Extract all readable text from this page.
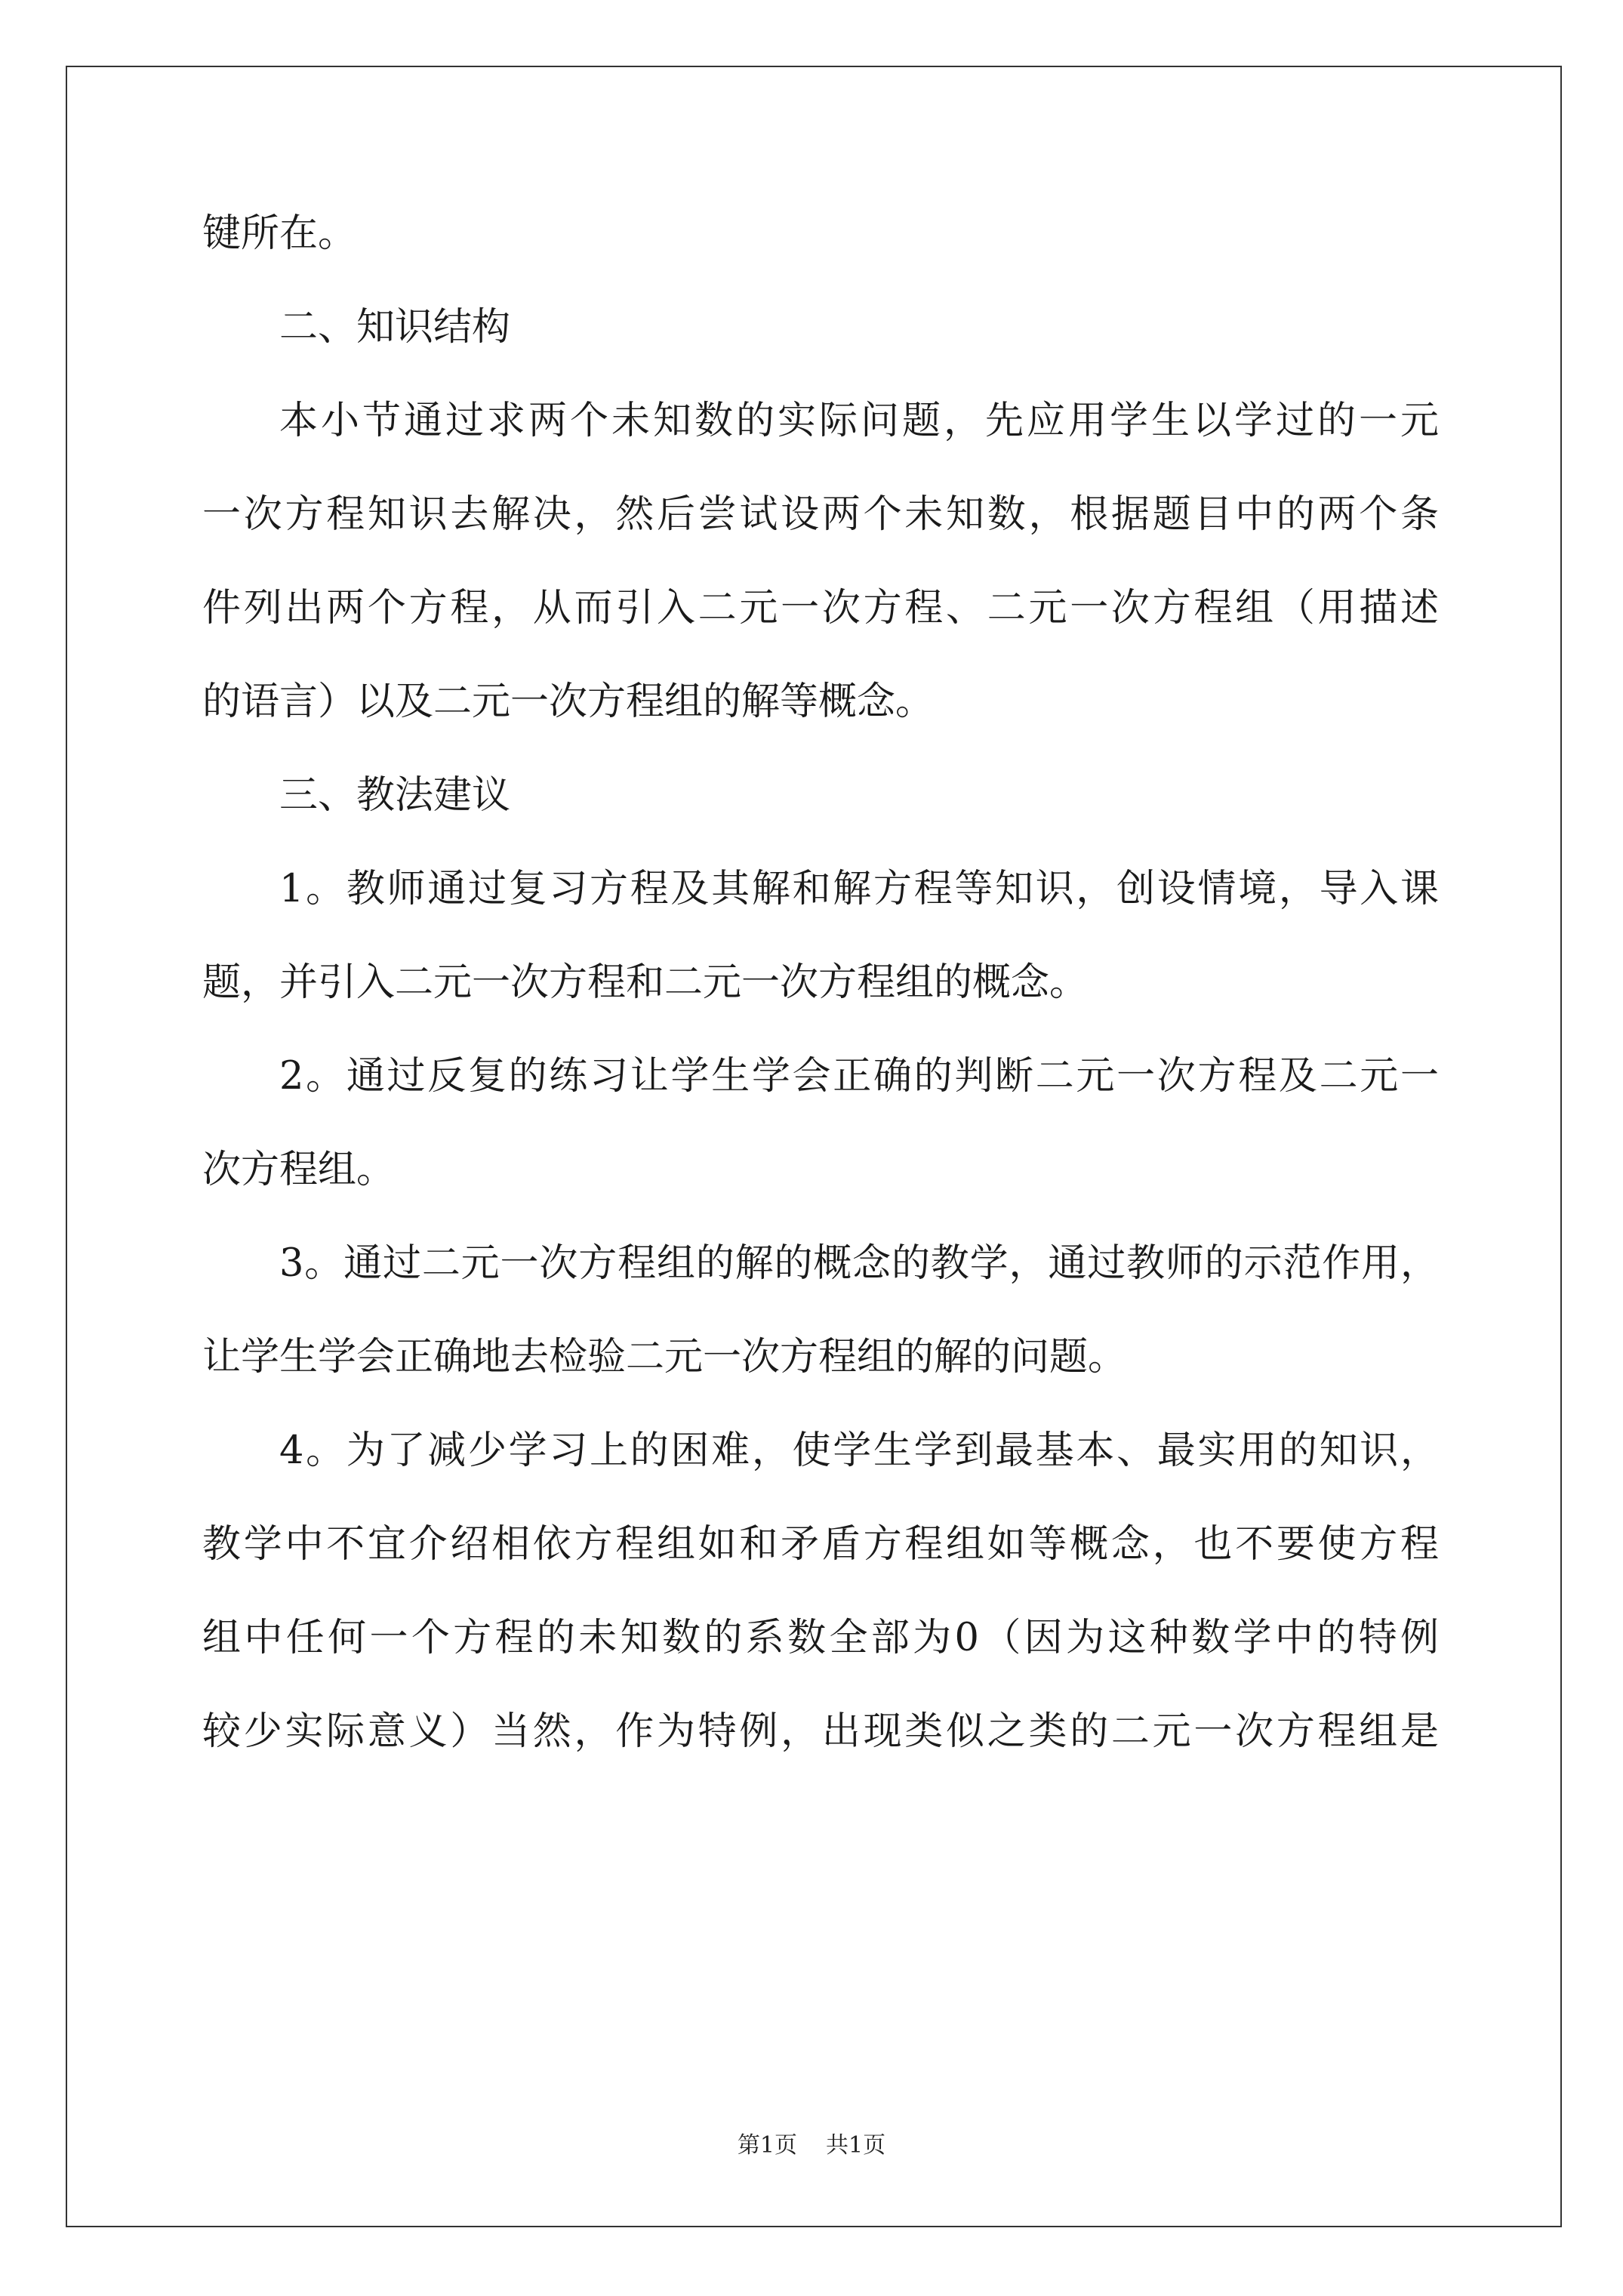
键所在。
二、知识结构
本小节通过求两个未知数的实际问题，先应用学生以学过的一元
一次方程知识去解决，然后尝试设两个未知数，根据题目中的两个条
件列出两个方程，从而引入二元一次方程、二元一次方程组（用描述
的语言）以及二元一次方程组的解等概念。
三、教法建议
1。教师通过复习方程及其解和解方程等知识，创设情境，导入课
题，并引入二元一次方程和二元一次方程组的概念。
2。通过反复的练习让学生学会正确的判断二元一次方程及二元一
次方程组。
3。通过二元一次方程组的解的概念的教学，通过教师的示范作用，
让学生学会正确地去检验二元一次方程组的解的问题。
4。为了减少学习上的困难，使学生学到最基本、最实用的知识，
教学中不宜介绍相依方程组如和矛盾方程组如等概念，也不要使方程
组中任何一个方程的未知数的系数全部为0（因为这种数学中的特例
较少实际意义）当然，作为特例，出现类似之类的二元一次方程组是
第1页 共1页
